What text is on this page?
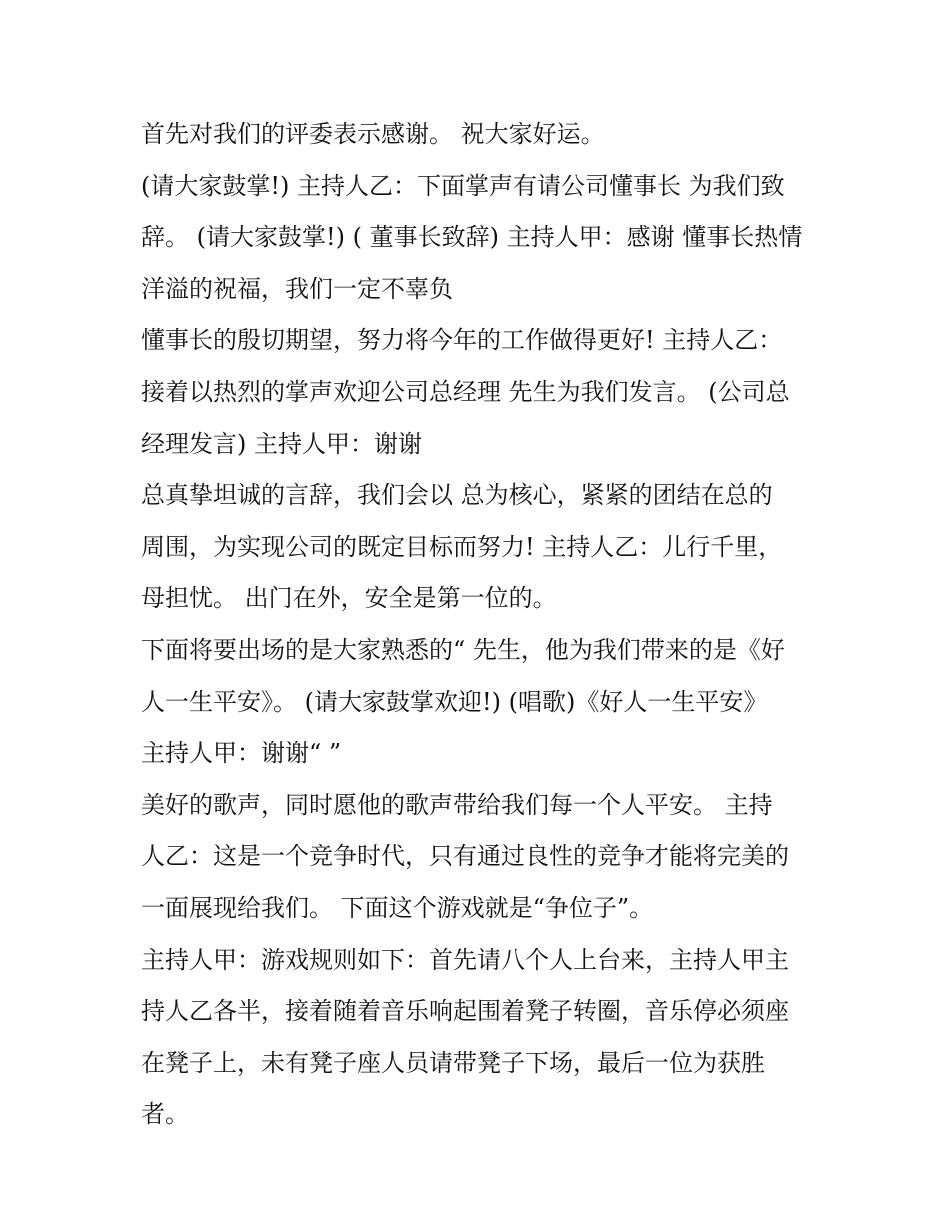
首先对我们的评委表示感谢。 祝大家好运。
(请大家鼓掌!) 主持人乙：下面掌声有请公司懂事长 为我们致
辞。 (请大家鼓掌!) ( 董事长致辞) 主持人甲：感谢 懂事长热情
洋溢的祝福，我们一定不辜负
懂事长的殷切期望，努力将今年的工作做得更好! 主持人乙：
接着以热烈的掌声欢迎公司总经理 先生为我们发言。 (公司总
经理发言) 主持人甲：谢谢
总真挚坦诚的言辞，我们会以 总为核心，紧紧的团结在总的
周围，为实现公司的既定目标而努力! 主持人乙：儿行千里，
母担忧。 出门在外，安全是第一位的。
下面将要出场的是大家熟悉的“ 先生，他为我们带来的是《好
人一生平安》。 (请大家鼓掌欢迎!) (唱歌)《好人一生平安》
主持人甲：谢谢“ ”
美好的歌声，同时愿他的歌声带给我们每一个人平安。 主持
人乙：这是一个竞争时代，只有通过良性的竞争才能将完美的
一面展现给我们。 下面这个游戏就是“争位子”。
主持人甲：游戏规则如下：首先请八个人上台来，主持人甲主
持人乙各半，接着随着音乐响起围着凳子转圈，音乐停必须座
在凳子上，未有凳子座人员请带凳子下场，最后一位为获胜
者。
